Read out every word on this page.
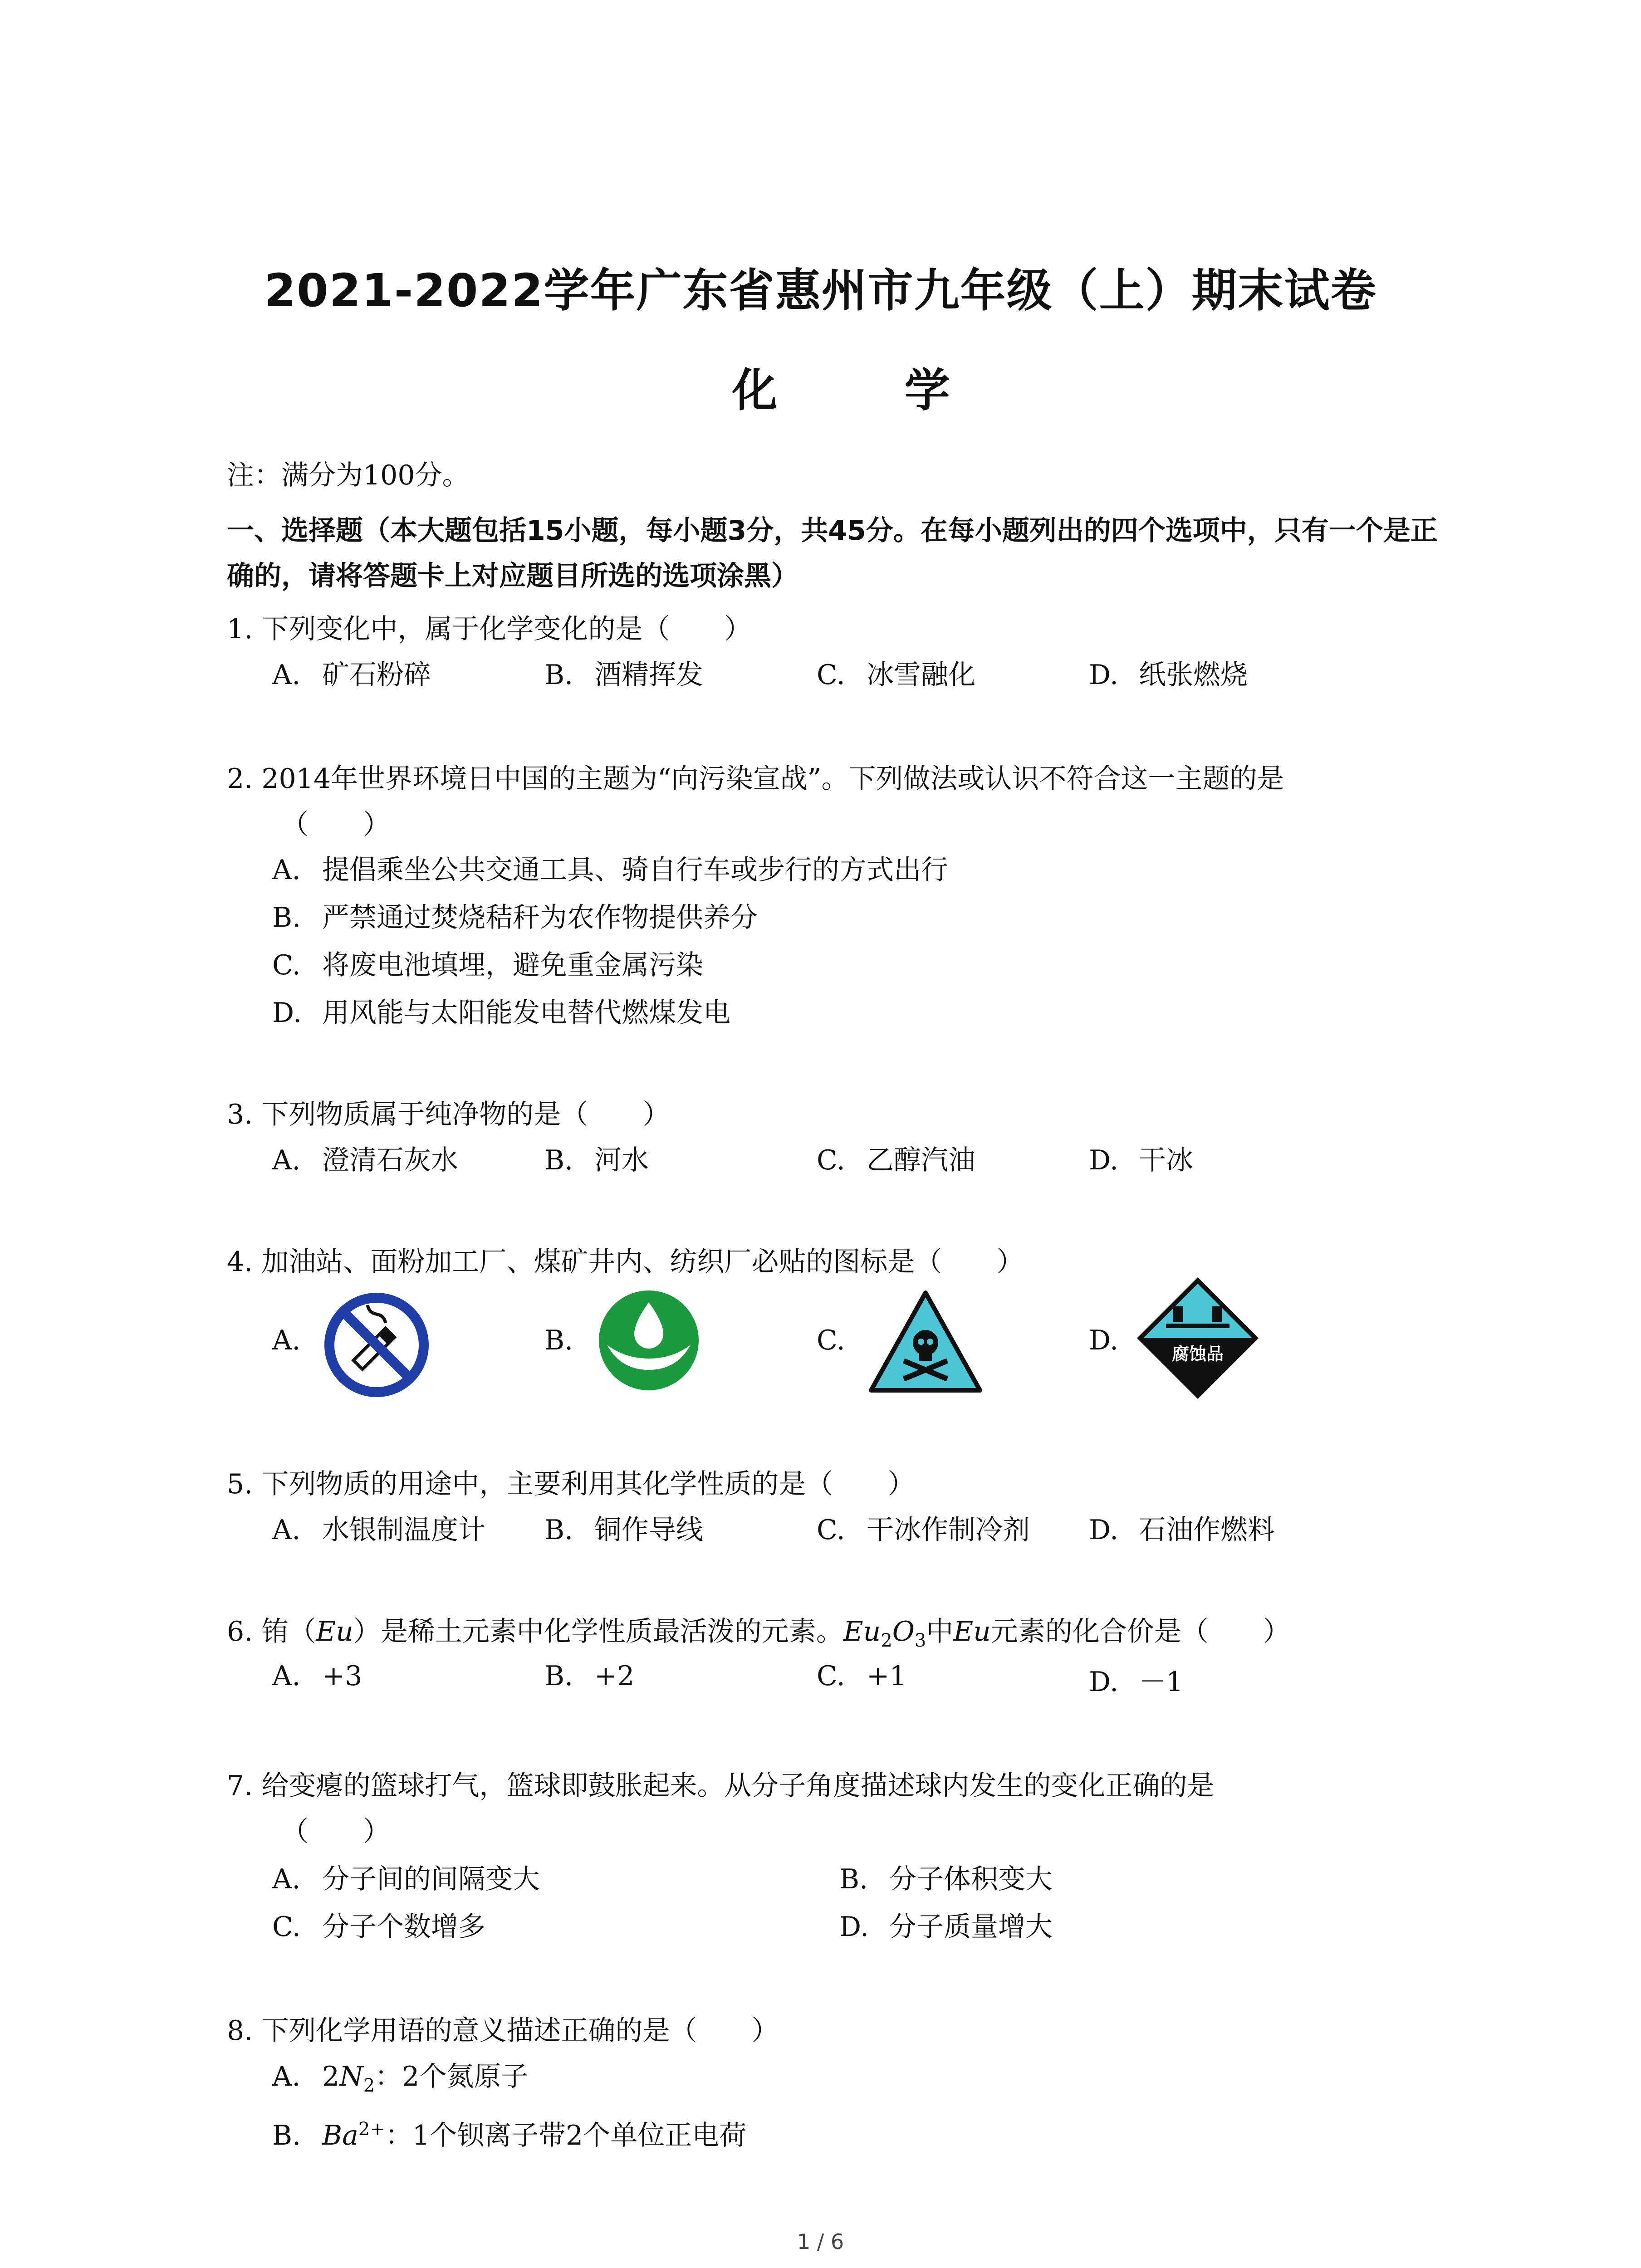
2021-2022学年广东省惠州市九年级（上）期末试卷
化　学
注：满分为100分。
一、选择题（本大题包括15小题，每小题3分，共45分。在每小题列出的四个选项中，只有一个是正确的，请将答题卡上对应题目所选的选项涂黑）
1. 下列变化中，属于化学变化的是（　　）
A. 矿石粉碎	B. 酒精挥发	C. 冰雪融化	D. 纸张燃烧
2. 2014年世界环境日中国的主题为“向污染宣战”。下列做法或认识不符合这一主题的是
（　　）
A. 提倡乘坐公共交通工具、骑自行车或步行的方式出行
B. 严禁通过焚烧秸秆为农作物提供养分
C. 将废电池填埋，避免重金属污染
D. 用风能与太阳能发电替代燃煤发电
3. 下列物质属于纯净物的是（　　）
A. 澄清石灰水	B. 河水	C. 乙醇汽油	D. 干冰
4. 加油站、面粉加工厂、煤矿井内、纺织厂必贴的图标是（　　）
A.	B.	C.	D.	腐蚀品
5. 下列物质的用途中，主要利用其化学性质的是（　　）
A. 水银制温度计 B. 铜作导线	C. 干冰作制冷剂 D. 石油作燃料
6. 铕（Eu）是稀土元素中化学性质最活泼的元素。$Eu_2O_3$中Eu元素的化合价是（　　）
A. +3	B. +2	C. +1	D. －1
7. 给变瘪的篮球打气，篮球即鼓胀起来。从分子角度描述球内发生的变化正确的是
（　　）
A. 分子间的间隔变大	B. 分子体积变大
C. 分子个数增多	D. 分子质量增大
8. 下列化学用语的意义描述正确的是（　　）
A. $2N_2$：2个氮原子
B. $Ba^{2+}$：1个钡离子带2个单位正电荷
1 / 6
